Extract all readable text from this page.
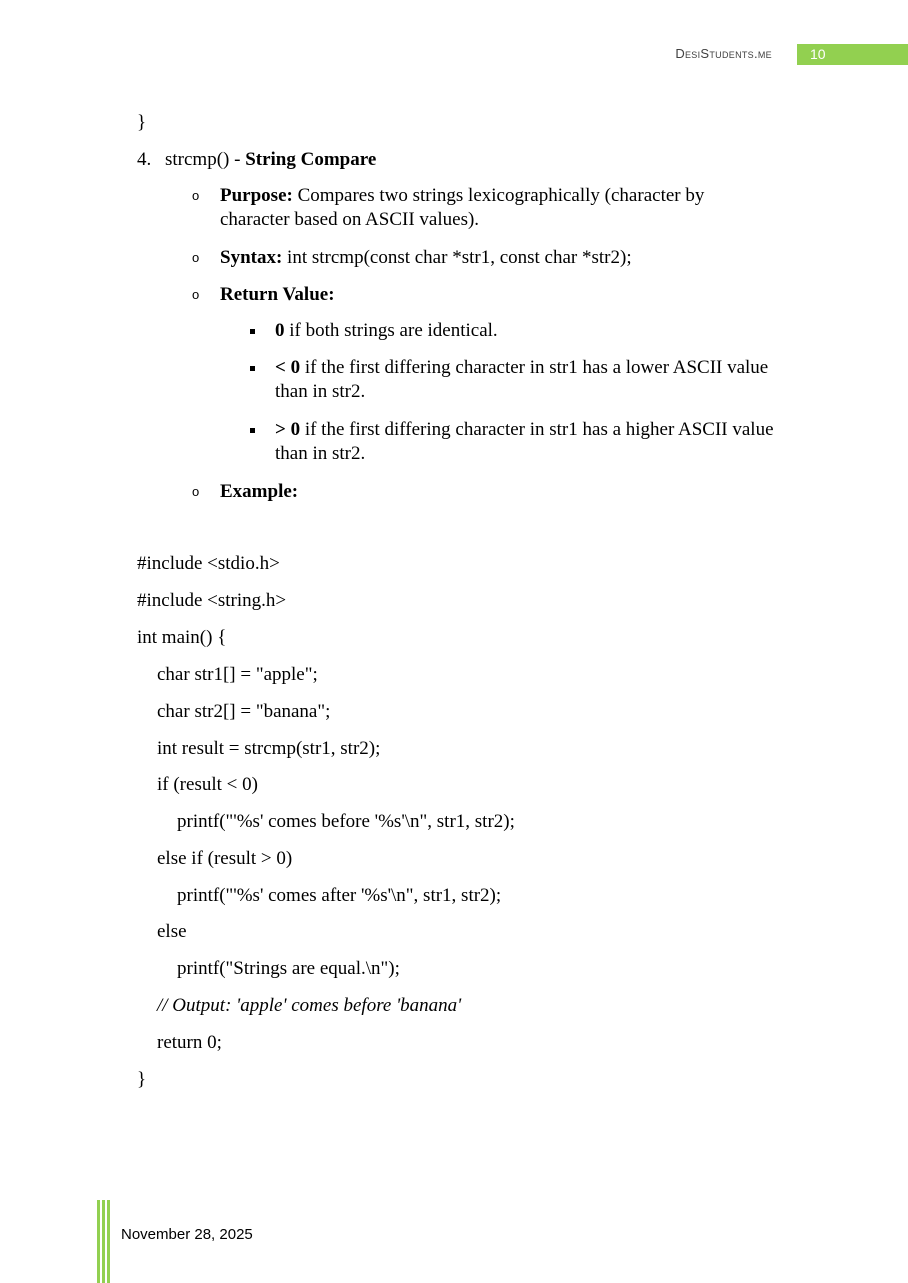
DesiStudents.me	10
}
4. strcmp() - String Compare
o Purpose: Compares two strings lexicographically (character by
character based on ASCII values).
o Syntax: int strcmp(const char *str1, const char *str2);
o Return Value:
0 if both strings are identical.
< 0 if the first differing character in str1 has a lower ASCII value
than in str2.
> 0 if the first differing character in str1 has a higher ASCII value
than in str2.
o Example:
#include <stdio.h>
#include <string.h>
int main() {
char str1[] = "apple";
char str2[] = "banana";
int result = strcmp(str1, str2);
if (result < 0)
printf("'%s' comes before '%s'\n", str1, str2);
else if (result > 0)
printf("'%s' comes after '%s'\n", str1, str2);
else
printf("Strings are equal.\n");
// Output: 'apple' comes before 'banana'
return 0;
}
November 28, 2025
